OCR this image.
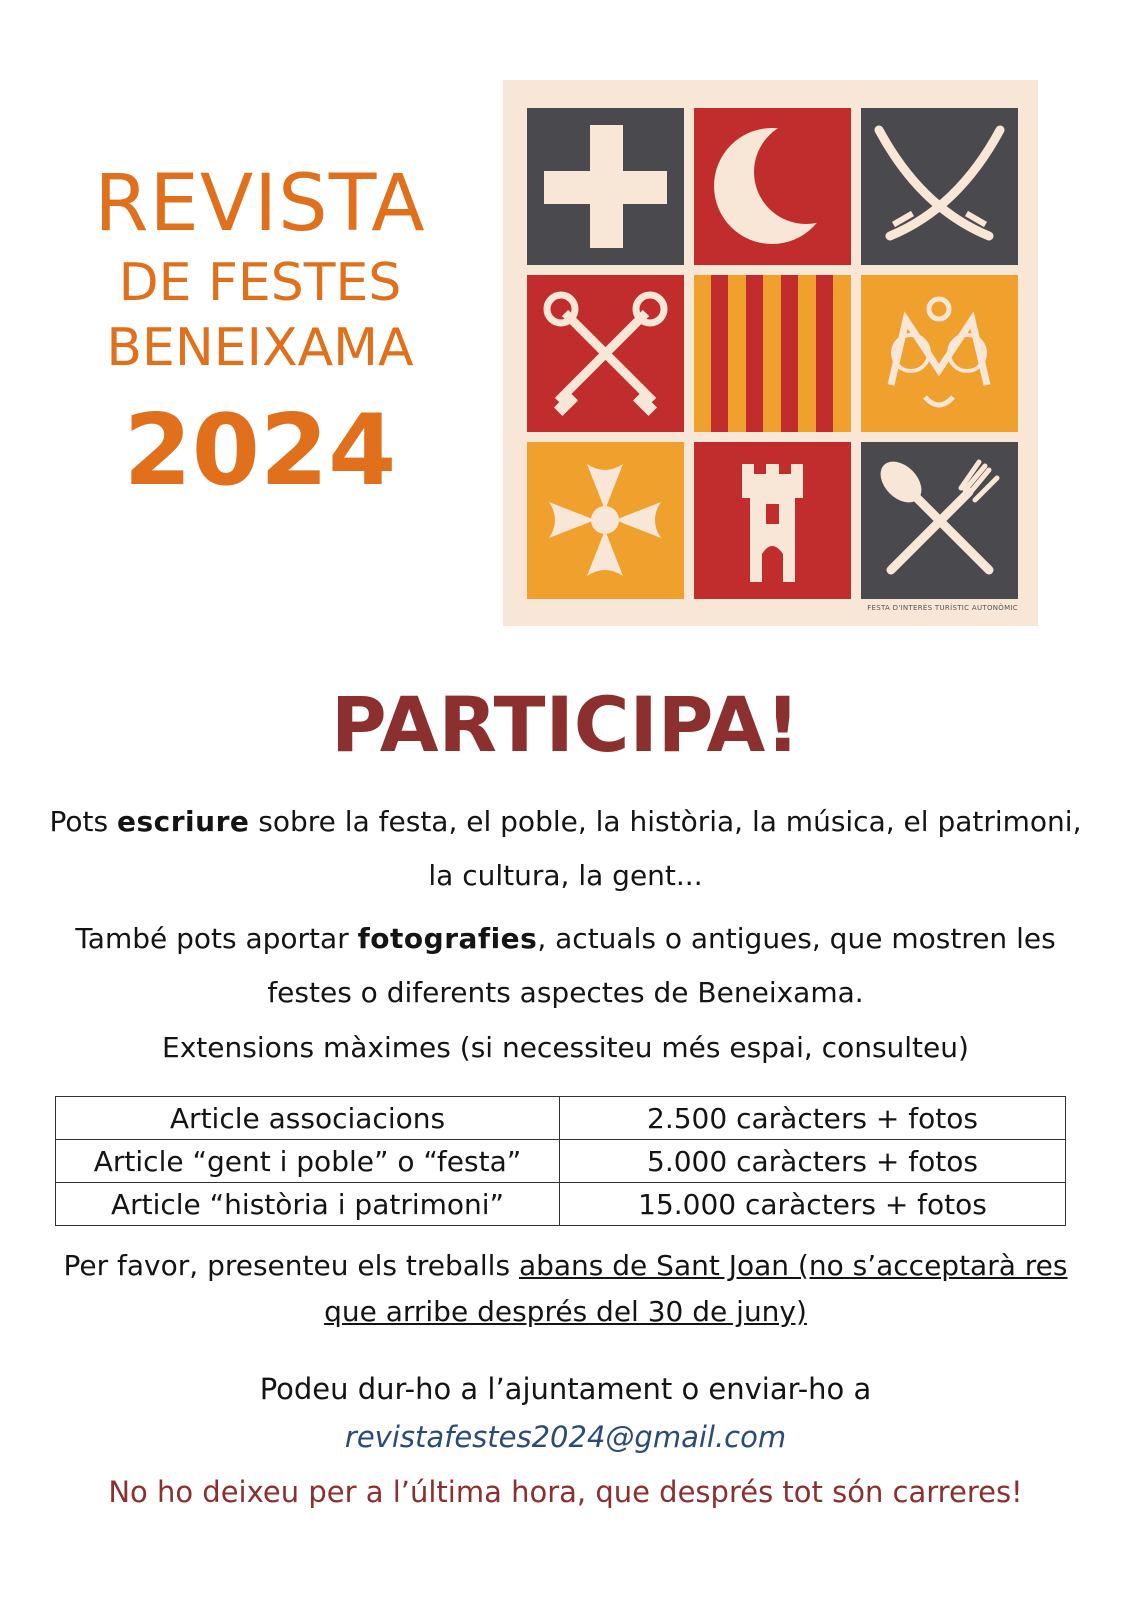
REVISTA
DE FESTES
BENEIXAMA
2024
FESTA D'INTERÈS TURÍSTIC AUTONÒMIC
PARTICIPA!
Pots escriure sobre la festa, el poble, la història, la música, el patrimoni, la cultura, la gent...
També pots aportar fotografies, actuals o antigues, que mostren les festes o diferents aspectes de Beneixama.
Extensions màximes (si necessiteu més espai, consulteu)
Article associacions	2.500 caràcters + fotos
Article “gent i poble” o “festa”	5.000 caràcters + fotos
Article “història i patrimoni”	15.000 caràcters + fotos
Per favor, presenteu els treballs abans de Sant Joan (no s’acceptarà res que arribe després del 30 de juny)
Podeu dur-ho a l’ajuntament o enviar-ho a
revistafestes2024@gmail.com
No ho deixeu per a l’última hora, que després tot són carreres!
